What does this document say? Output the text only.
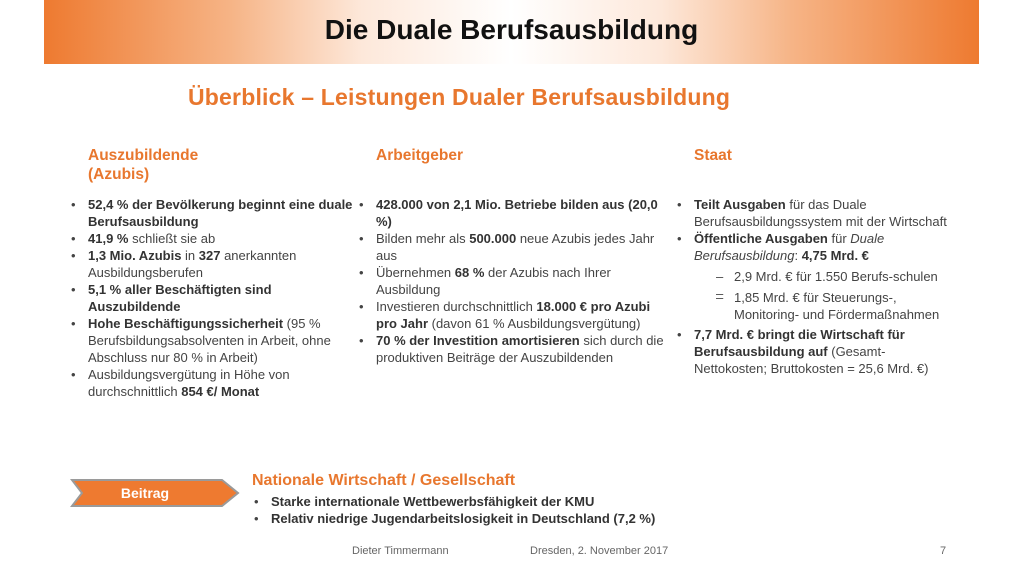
Die Duale Berufsausbildung
Überblick – Leistungen Dualer Berufsausbildung
Auszubildende
(Azubis)
• 52,4 % der Bevölkerung beginnt eine duale Berufsausbildung
• 41,9 % schließt sie ab
• 1,3 Mio. Azubis in 327 anerkannten Ausbildungsberufen
• 5,1 % aller Beschäftigten sind Auszubildende
• Hohe Beschäftigungssicherheit (95 % Berufsbildungsabsolventen in Arbeit, ohne Abschluss nur 80 % in Arbeit)
• Ausbildungsvergütung in Höhe von durchschnittlich 854 €/ Monat
Arbeitgeber
• 428.000 von 2,1 Mio. Betriebe bilden aus (20,0 %)
• Bilden mehr als 500.000 neue Azubis jedes Jahr aus
• Übernehmen 68 % der Azubis nach Ihrer Ausbildung
• Investieren durchschnittlich 18.000 € pro Azubi pro Jahr (davon 61 % Ausbildungsvergütung)
• 70 % der Investition amortisieren sich durch die produktiven Beiträge der Auszubildenden
Staat
• Teilt Ausgaben für das Duale Berufsausbildungssystem mit der Wirtschaft
• Öffentliche Ausgaben für Duale Berufsausbildung: 4,75 Mrd. €
– 2,9 Mrd. € für 1.550 Berufs-schulen
–
– 1,85 Mrd. € für Steuerungs-, Monitoring- und Fördermaßnahmen
• 7,7 Mrd. € bringt die Wirtschaft für Berufsausbildung auf (Gesamt-Nettokosten; Bruttokosten = 25,6 Mrd. €)
Beitrag
Nationale Wirtschaft / Gesellschaft
• Starke internationale Wettbewerbsfähigkeit der KMU
• Relativ niedrige Jugendarbeitslosigkeit in Deutschland (7,2 %)
Dieter Timmermann	Dresden, 2. November 2017	7
